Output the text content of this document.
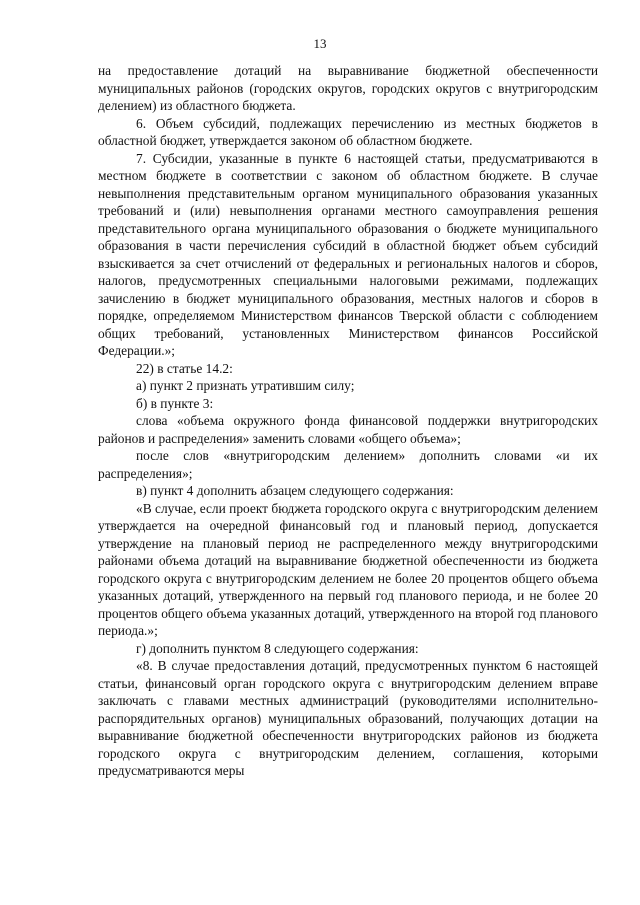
13

на предоставление дотаций на выравнивание бюджетной обеспеченности муниципальных районов (городских округов, городских округов с внутригородским делением) из областного бюджета.

6. Объем субсидий, подлежащих перечислению из местных бюджетов в областной бюджет, утверждается законом об областном бюджете.

7. Субсидии, указанные в пункте 6 настоящей статьи, предусматриваются в местном бюджете в соответствии с законом об областном бюджете. В случае невыполнения представительным органом муниципального образования указанных требований и (или) невыполнения органами местного самоуправления решения представительного органа муниципального образования о бюджете муниципального образования в части перечисления субсидий в областной бюджет объем субсидий взыскивается за счет отчислений от федеральных и региональных налогов и сборов, налогов, предусмотренных специальными налоговыми режимами, подлежащих зачислению в бюджет муниципального образования, местных налогов и сборов в порядке, определяемом Министерством финансов Тверской области с соблюдением общих требований, установленных Министерством финансов Российской Федерации.»;

22) в статье 14.2:

а) пункт 2 признать утратившим силу;

б) в пункте 3:

слова «объема окружного фонда финансовой поддержки внутригородских районов и распределения» заменить словами «общего объема»;

после слов «внутригородским делением» дополнить словами «и их распределения»;

в) пункт 4 дополнить абзацем следующего содержания:

«В случае, если проект бюджета городского округа с внутригородским делением утверждается на очередной финансовый год и плановый период, допускается утверждение на плановый период не распределенного между внутригородскими районами объема дотаций на выравнивание бюджетной обеспеченности из бюджета городского округа с внутригородским делением не более 20 процентов общего объема указанных дотаций, утвержденного на первый год планового периода, и не более 20 процентов общего объема указанных дотаций, утвержденного на второй год планового периода.»;

г) дополнить пунктом 8 следующего содержания:

«8. В случае предоставления дотаций, предусмотренных пунктом 6 настоящей статьи, финансовый орган городского округа с внутригородским делением вправе заключать с главами местных администраций (руководителями исполнительно-распорядительных органов) муниципальных образований, получающих дотации на выравнивание бюджетной обеспеченности внутригородских районов из бюджета городского округа с внутригородским делением, соглашения, которыми предусматриваются меры
